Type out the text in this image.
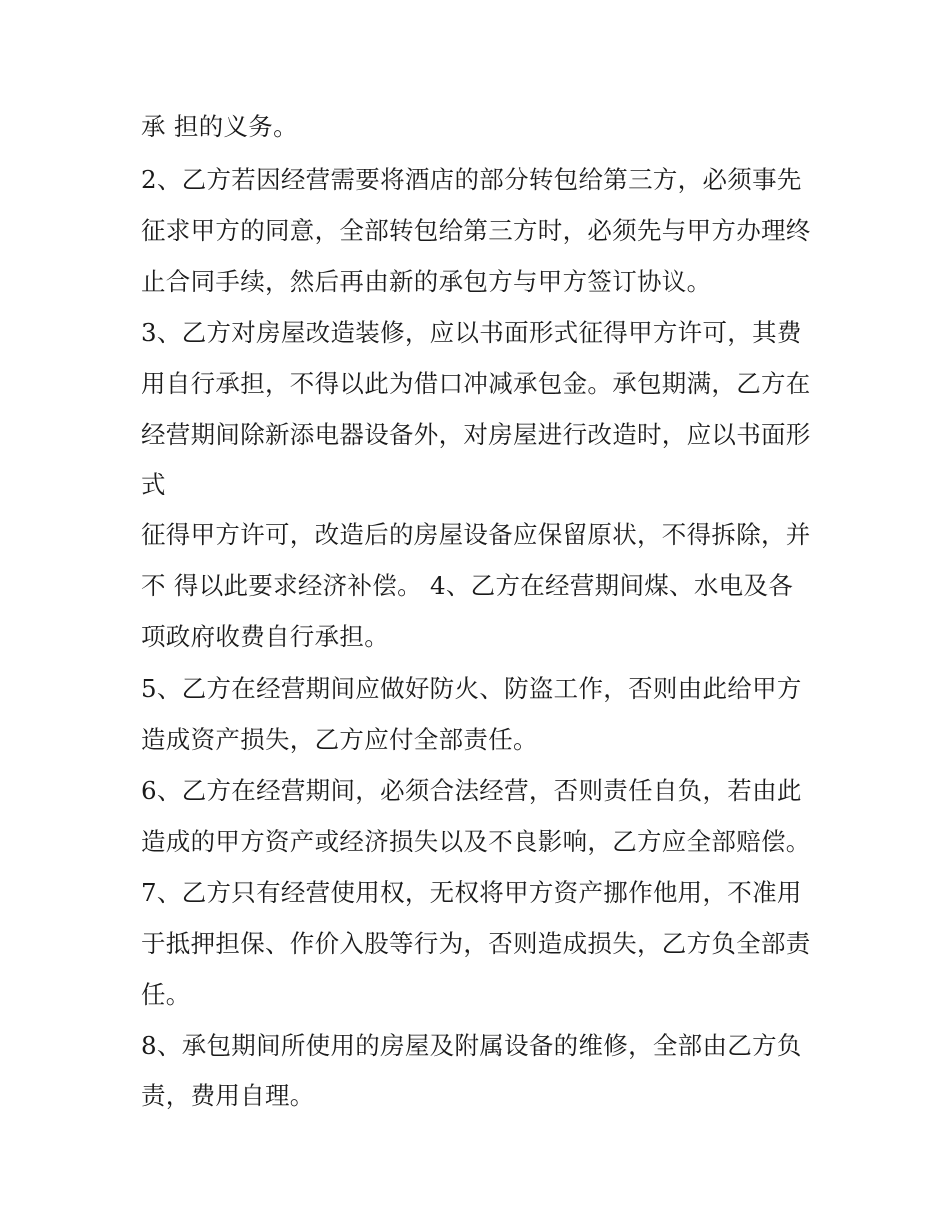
承 担的义务。
2、乙方若因经营需要将酒店的部分转包给第三方，必须事先
征求甲方的同意，全部转包给第三方时，必须先与甲方办理终
止合同手续，然后再由新的承包方与甲方签订协议。
3、乙方对房屋改造装修，应以书面形式征得甲方许可，其费
用自行承担，不得以此为借口冲减承包金。承包期满，乙方在
经营期间除新添电器设备外，对房屋进行改造时，应以书面形
式
征得甲方许可，改造后的房屋设备应保留原状，不得拆除，并
不 得以此要求经济补偿。 4、乙方在经营期间煤、水电及各
项政府收费自行承担。
5、乙方在经营期间应做好防火、防盗工作，否则由此给甲方
造成资产损失，乙方应付全部责任。
6、乙方在经营期间，必须合法经营，否则责任自负，若由此
造成的甲方资产或经济损失以及不良影响，乙方应全部赔偿。
7、乙方只有经营使用权，无权将甲方资产挪作他用，不准用
于抵押担保、作价入股等行为，否则造成损失，乙方负全部责
任。
8、承包期间所使用的房屋及附属设备的维修，全部由乙方负
责，费用自理。
